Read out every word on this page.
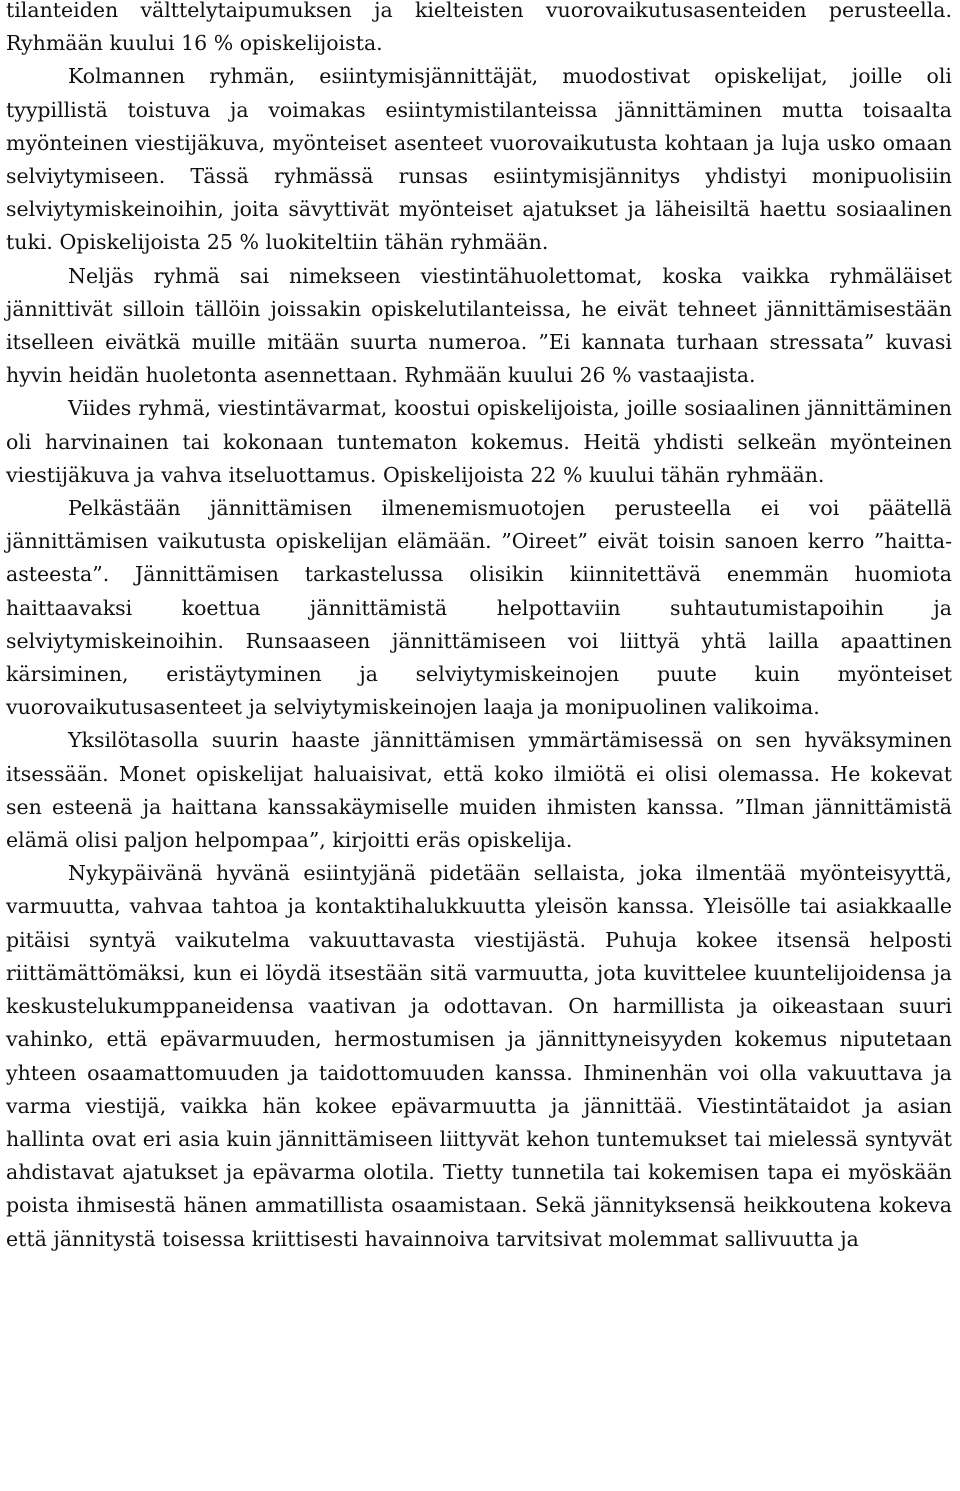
tilanteiden välttelytaipumuksen ja kielteisten vuorovaikutusasenteiden perusteella. Ryhmään kuului 16 % opiskelijoista.

Kolmannen ryhmän, esiintymisjännittäjät, muodostivat opiskelijat, joille oli tyypillistä toistuva ja voimakas esiintymistilanteissa jännittäminen mutta toisaalta myönteinen viestijäkuva, myönteiset asenteet vuorovaikutusta kohtaan ja luja usko omaan selviytymiseen. Tässä ryhmässä runsas esiintymisjännitys yhdistyi monipuolisiin selviytymiskeinoihin, joita sävyttivät myönteiset ajatukset ja läheisiltä haettu sosiaalinen tuki. Opiskelijoista 25 % luokiteltiin tähän ryhmään.

Neljäs ryhmä sai nimekseen viestintähuolettomat, koska vaikka ryhmäläiset jännittivät silloin tällöin joissakin opiskelutilanteissa, he eivät tehneet jännittämisestään itselleen eivätkä muille mitään suurta numeroa. ”Ei kannata turhaan stressata” kuvasi hyvin heidän huoletonta asennettaan. Ryhmään kuului 26 % vastaajista.

Viides ryhmä, viestintävarmat, koostui opiskelijoista, joille sosiaalinen jännittäminen oli harvinainen tai kokonaan tuntematon kokemus. Heitä yhdisti selkeän myönteinen viestijäkuva ja vahva itseluottamus. Opiskelijoista 22 % kuului tähän ryhmään.

Pelkästään jännittämisen ilmenemismuotojen perusteella ei voi päätellä jännittämisen vaikutusta opiskelijan elämään. ”Oireet” eivät toisin sanoen kerro ”haitta-asteesta”. Jännittämisen tarkastelussa olisikin kiinnitettävä enemmän huomiota haittaavaksi koettua jännittämistä helpottaviin suhtautumistapoihin ja selviytymiskeinoihin. Runsaaseen jännittämiseen voi liittyä yhtä lailla apaattinen kärsiminen, eristäytyminen ja selviytymiskeinojen puute kuin myönteiset vuorovaikutusasenteet ja selviytymiskeinojen laaja ja monipuolinen valikoima.

Yksilötasolla suurin haaste jännittämisen ymmärtämisessä on sen hyväksyminen itsessään. Monet opiskelijat haluaisivat, että koko ilmiötä ei olisi olemassa. He kokevat sen esteenä ja haittana kanssakäymiselle muiden ihmisten kanssa. ”Ilman jännittämistä elämä olisi paljon helpompaa”, kirjoitti eräs opiskelija.

Nykypäivänä hyvänä esiintyjänä pidetään sellaista, joka ilmentää myönteisyyttä, varmuutta, vahvaa tahtoa ja kontaktihalukkuutta yleisön kanssa. Yleisölle tai asiakkaalle pitäisi syntyä vaikutelma vakuuttavasta viestijästä. Puhuja kokee itsensä helposti riittämättömäksi, kun ei löydä itsestään sitä varmuutta, jota kuvittelee kuuntelijoidensa ja keskustelukumppaneidensa vaativan ja odottavan. On harmillista ja oikeastaan suuri vahinko, että epävarmuuden, hermostumisen ja jännittyneisyyden kokemus niputetaan yhteen osaamattomuuden ja taidottomuuden kanssa. Ihminenhän voi olla vakuuttava ja varma viestijä, vaikka hän kokee epävarmuutta ja jännittää. Viestintätaidot ja asian hallinta ovat eri asia kuin jännittämiseen liittyvät kehon tuntemukset tai mielessä syntyvät ahdistavat ajatukset ja epävarma olotila. Tietty tunnetila tai kokemisen tapa ei myöskään poista ihmisestä hänen ammatillista osaamistaan. Sekä jännityksensä heikkoutena kokeva että jännitystä toisessa kriittisesti havainnoiva tarvitsivat molemmat sallivuutta ja
